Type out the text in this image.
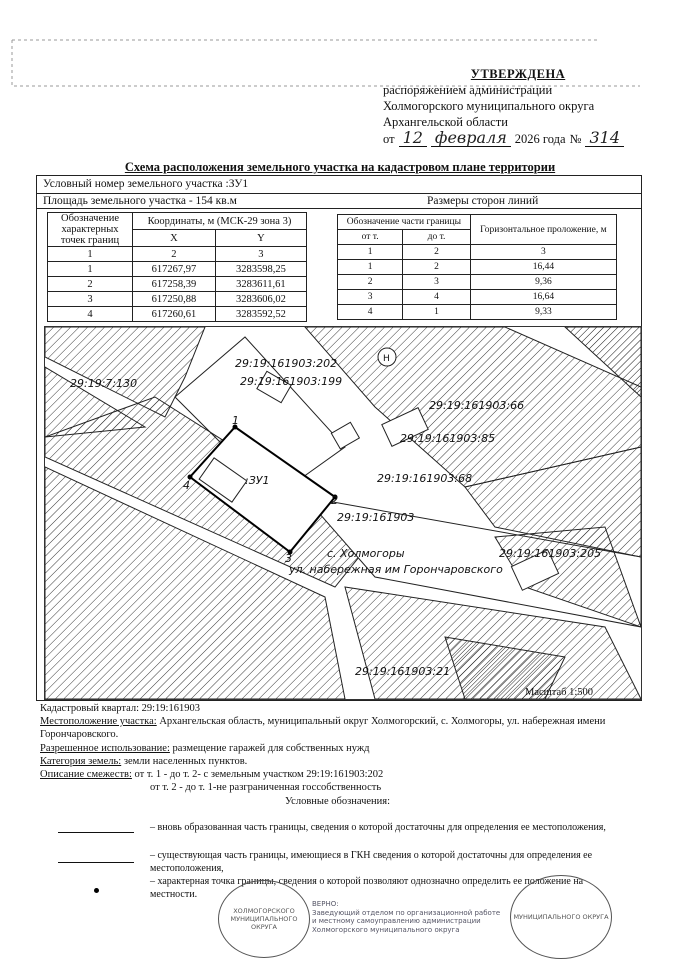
УТВЕРЖДЕНА
распоряжением администрации
Холмогорского муниципального округа
Архангельской области
от 12 февраля 2026 года № 314
Схема расположения земельного участка на кадастровом плане территории
Условный номер земельного участка :ЗУ1
Площадь земельного участка - 154 кв.м	Размеры сторон линий
Обозначение характерных точек границ	Координаты, м (МСК-29 зона 3)	
	X	Y
1	2	3
1	617267,97	3283598,25
2	617258,39	3283611,61
3	617250,88	3283606,02
4	617260,61	3283592,52
Обозначение части границы		Горизонтальное проложение, м
от т.	до т.	
1	2	3
1	2	16,44
2	3	9,36
3	4	16,64
4	1	9,33
29:19:7:130
29:19:161903:202
29:19:161903:199
29:19:161903:66
29:19:161903:85
29:19:161903:68
:ЗУ1
29:19:161903
с. Холмогоры
ул. набережная им Горончаровского
29:19:161903:205
29:19:161903:21
Н
1
2
3
4
Масштаб 1:500
Кадастровый квартал: 29:19:161903
Местоположение участка: Архангельская область, муниципальный округ Холмогорский, с. Холмогоры, ул. набережная имени Горончаровского.
Разрешенное использование: размещение гаражей для собственных нужд
Категория земель: земли населенных пунктов.
Описание смежеств: от т. 1 - до т. 2- с земельным участком 29:19:161903:202
от т. 2 - до т. 1-не разграниченная госсобственность
Условные обозначения:
– вновь образованная часть границы, сведения о которой достаточны для определения ее местоположения,
– существующая часть границы, имеющиеся в ГКН сведения о которой достаточны для определения ее местоположения,
– характерная точка границы, сведения о которой позволяют однозначно определить ее положение на местности.
ХОЛМОГОРСКОГО МУНИЦИПАЛЬНОГО ОКРУГА
ВЕРНО:
Заведующий отделом по организационной работе и местному самоуправлению администрации Холмогорского муниципального округа
МУНИЦИПАЛЬНОГО ОКРУГА
